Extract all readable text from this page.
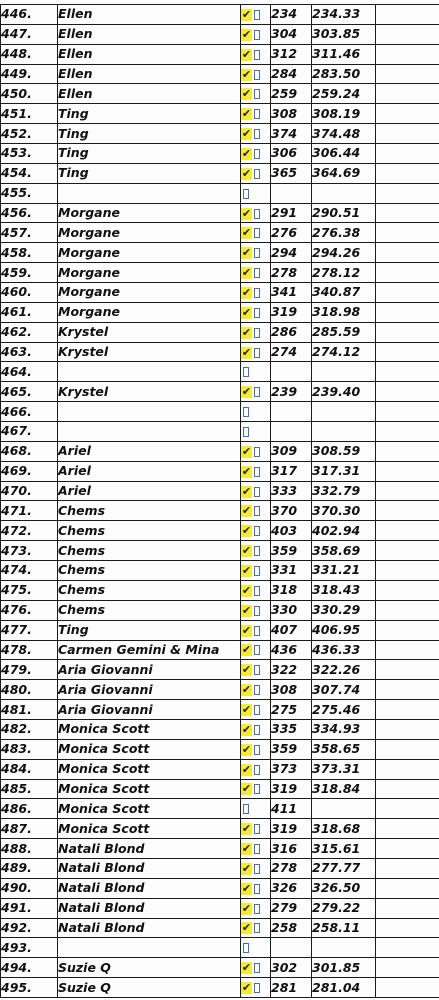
446.	Ellen	✔	234	234.33	
447.	Ellen	✔	304	303.85	
448.	Ellen	✔	312	311.46	
449.	Ellen	✔	284	283.50	
450.	Ellen	✔	259	259.24	
451.	Ting	✔	308	308.19	
452.	Ting	✔	374	374.48	
453.	Ting	✔	306	306.44	
454.	Ting	✔	365	364.69	
455.					
456.	Morgane	✔	291	290.51	
457.	Morgane	✔	276	276.38	
458.	Morgane	✔	294	294.26	
459.	Morgane	✔	278	278.12	
460.	Morgane	✔	341	340.87	
461.	Morgane	✔	319	318.98	
462.	Krystel	✔	286	285.59	
463.	Krystel	✔	274	274.12	
464.					
465.	Krystel	✔	239	239.40	
466.					
467.					
468.	Ariel	✔	309	308.59	
469.	Ariel	✔	317	317.31	
470.	Ariel	✔	333	332.79	
471.	Chems	✔	370	370.30	
472.	Chems	✔	403	402.94	
473.	Chems	✔	359	358.69	
474.	Chems	✔	331	331.21	
475.	Chems	✔	318	318.43	
476.	Chems	✔	330	330.29	
477.	Ting	✔	407	406.95	
478.	Carmen Gemini & Mina	✔	436	436.33	
479.	Aria Giovanni	✔	322	322.26	
480.	Aria Giovanni	✔	308	307.74	
481.	Aria Giovanni	✔	275	275.46	
482.	Monica Scott	✔	335	334.93	
483.	Monica Scott	✔	359	358.65	
484.	Monica Scott	✔	373	373.31	
485.	Monica Scott	✔	319	318.84	
486.	Monica Scott		411		
487.	Monica Scott	✔	319	318.68	
488.	Natali Blond	✔	316	315.61	
489.	Natali Blond	✔	278	277.77	
490.	Natali Blond	✔	326	326.50	
491.	Natali Blond	✔	279	279.22	
492.	Natali Blond	✔	258	258.11	
493.					
494.	Suzie Q	✔	302	301.85	
495.	Suzie Q	✔	281	281.04	
